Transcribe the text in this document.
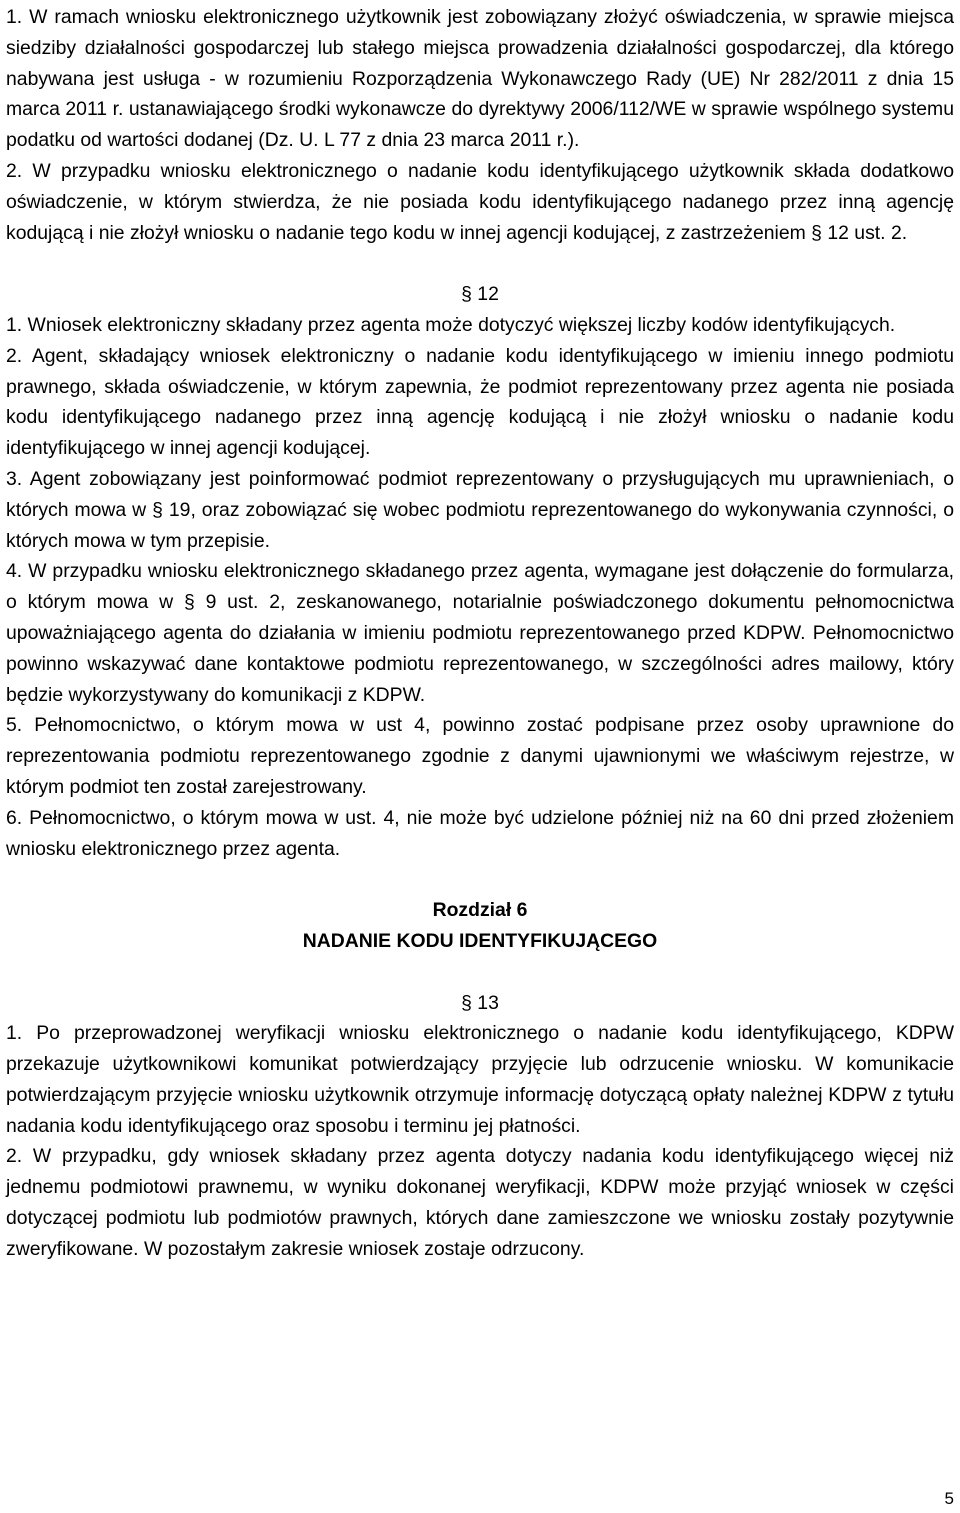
1. W ramach wniosku elektronicznego użytkownik jest zobowiązany złożyć oświadczenia, w sprawie miejsca siedziby działalności gospodarczej lub stałego miejsca prowadzenia działalności gospodarczej, dla którego nabywana jest usługa - w rozumieniu Rozporządzenia Wykonawczego Rady (UE) Nr 282/2011 z dnia 15 marca 2011 r. ustanawiającego środki wykonawcze do dyrektywy 2006/112/WE w sprawie wspólnego systemu podatku od wartości dodanej (Dz. U. L 77 z dnia 23 marca 2011 r.).

2. W przypadku wniosku elektronicznego o nadanie kodu identyfikującego użytkownik składa dodatkowo oświadczenie, w którym stwierdza, że nie posiada kodu identyfikującego nadanego przez inną agencję kodującą i nie złożył wniosku o nadanie tego kodu w innej agencji kodującej, z zastrzeżeniem § 12 ust. 2.

§ 12

1. Wniosek elektroniczny składany przez agenta może dotyczyć większej liczby kodów identyfikujących.

2. Agent, składający wniosek elektroniczny o nadanie kodu identyfikującego w imieniu innego podmiotu prawnego, składa oświadczenie, w którym zapewnia, że podmiot reprezentowany przez agenta nie posiada kodu identyfikującego nadanego przez inną agencję kodującą i nie złożył wniosku o nadanie kodu identyfikującego w innej agencji kodującej.

3. Agent zobowiązany jest poinformować podmiot reprezentowany o przysługujących mu uprawnieniach, o których mowa w § 19, oraz zobowiązać się wobec podmiotu reprezentowanego do wykonywania czynności, o których mowa w tym przepisie.

4. W przypadku wniosku elektronicznego składanego przez agenta, wymagane jest dołączenie do formularza, o którym mowa w § 9 ust. 2, zeskanowanego, notarialnie poświadczonego dokumentu pełnomocnictwa upoważniającego agenta do działania w imieniu podmiotu reprezentowanego przed KDPW. Pełnomocnictwo powinno wskazywać dane kontaktowe podmiotu reprezentowanego, w szczególności adres mailowy, który będzie wykorzystywany do komunikacji z KDPW.

5. Pełnomocnictwo, o którym mowa w ust 4, powinno zostać podpisane przez osoby uprawnione do reprezentowania podmiotu reprezentowanego zgodnie z danymi ujawnionymi we właściwym rejestrze, w którym podmiot ten został zarejestrowany.

6. Pełnomocnictwo, o którym mowa w ust. 4, nie może być udzielone później niż na 60 dni przed złożeniem wniosku elektronicznego przez agenta.

Rozdział 6

NADANIE KODU IDENTYFIKUJĄCEGO

§ 13

1. Po przeprowadzonej weryfikacji wniosku elektronicznego o nadanie kodu identyfikującego, KDPW przekazuje użytkownikowi komunikat potwierdzający przyjęcie lub odrzucenie wniosku. W komunikacie potwierdzającym przyjęcie wniosku użytkownik otrzymuje informację dotyczącą opłaty należnej KDPW z tytułu nadania kodu identyfikującego oraz sposobu i terminu jej płatności.

2. W przypadku, gdy wniosek składany przez agenta dotyczy nadania kodu identyfikującego więcej niż jednemu podmiotowi prawnemu, w wyniku dokonanej weryfikacji, KDPW może przyjąć wniosek w części dotyczącej podmiotu lub podmiotów prawnych, których dane zamieszczone we wniosku zostały pozytywnie zweryfikowane. W pozostałym zakresie wniosek zostaje odrzucony.

5
